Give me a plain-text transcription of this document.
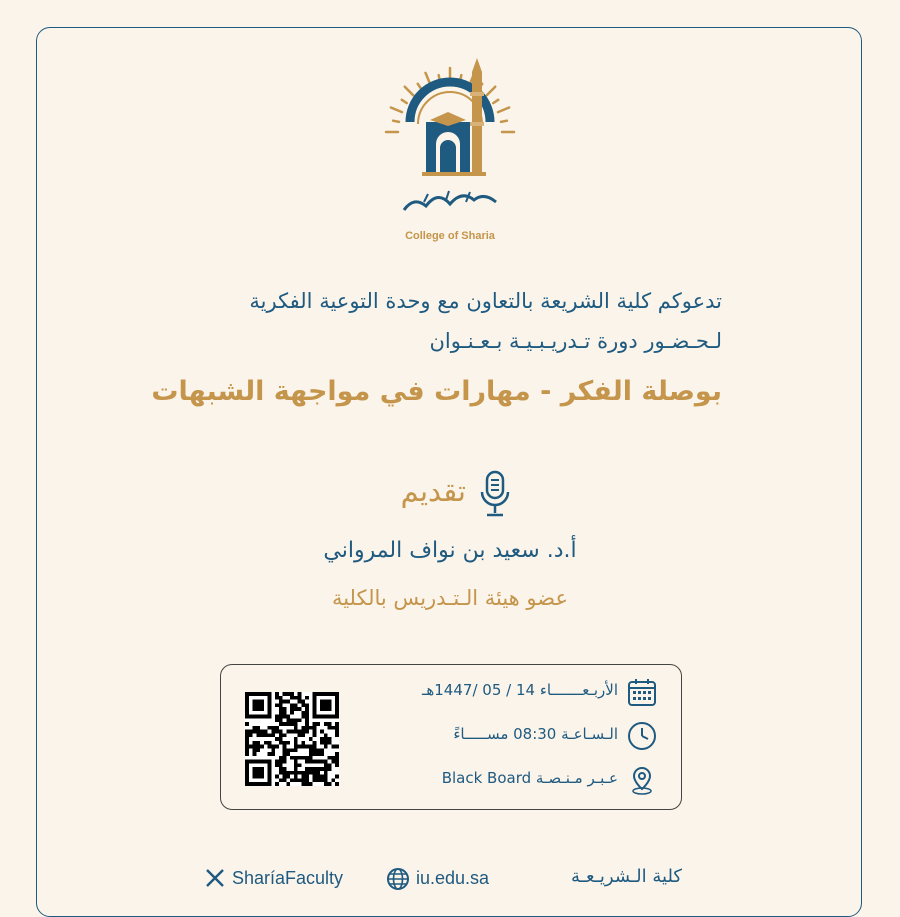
College of Sharia
تدعوكم كلية الشريعة بالتعاون مع وحدة التوعية الفكرية
لـحـضـور دورة تـدريـبـيـة بـعـنـوان
بوصلة الفكر - مهارات في مواجهة الشبهات
تقديم
أ.د. سعيد بن نواف المرواني
عضو هيئة الـتـدريس بالكلية
الأربـعـــــــاء 14 / 05 /1447هـ
الـسـاعـة 08:30 مســـــاءً
عـبـر مـنـصـة Black Board
SharíaFaculty	iu.edu.sa	كلية الـشريـعـة
